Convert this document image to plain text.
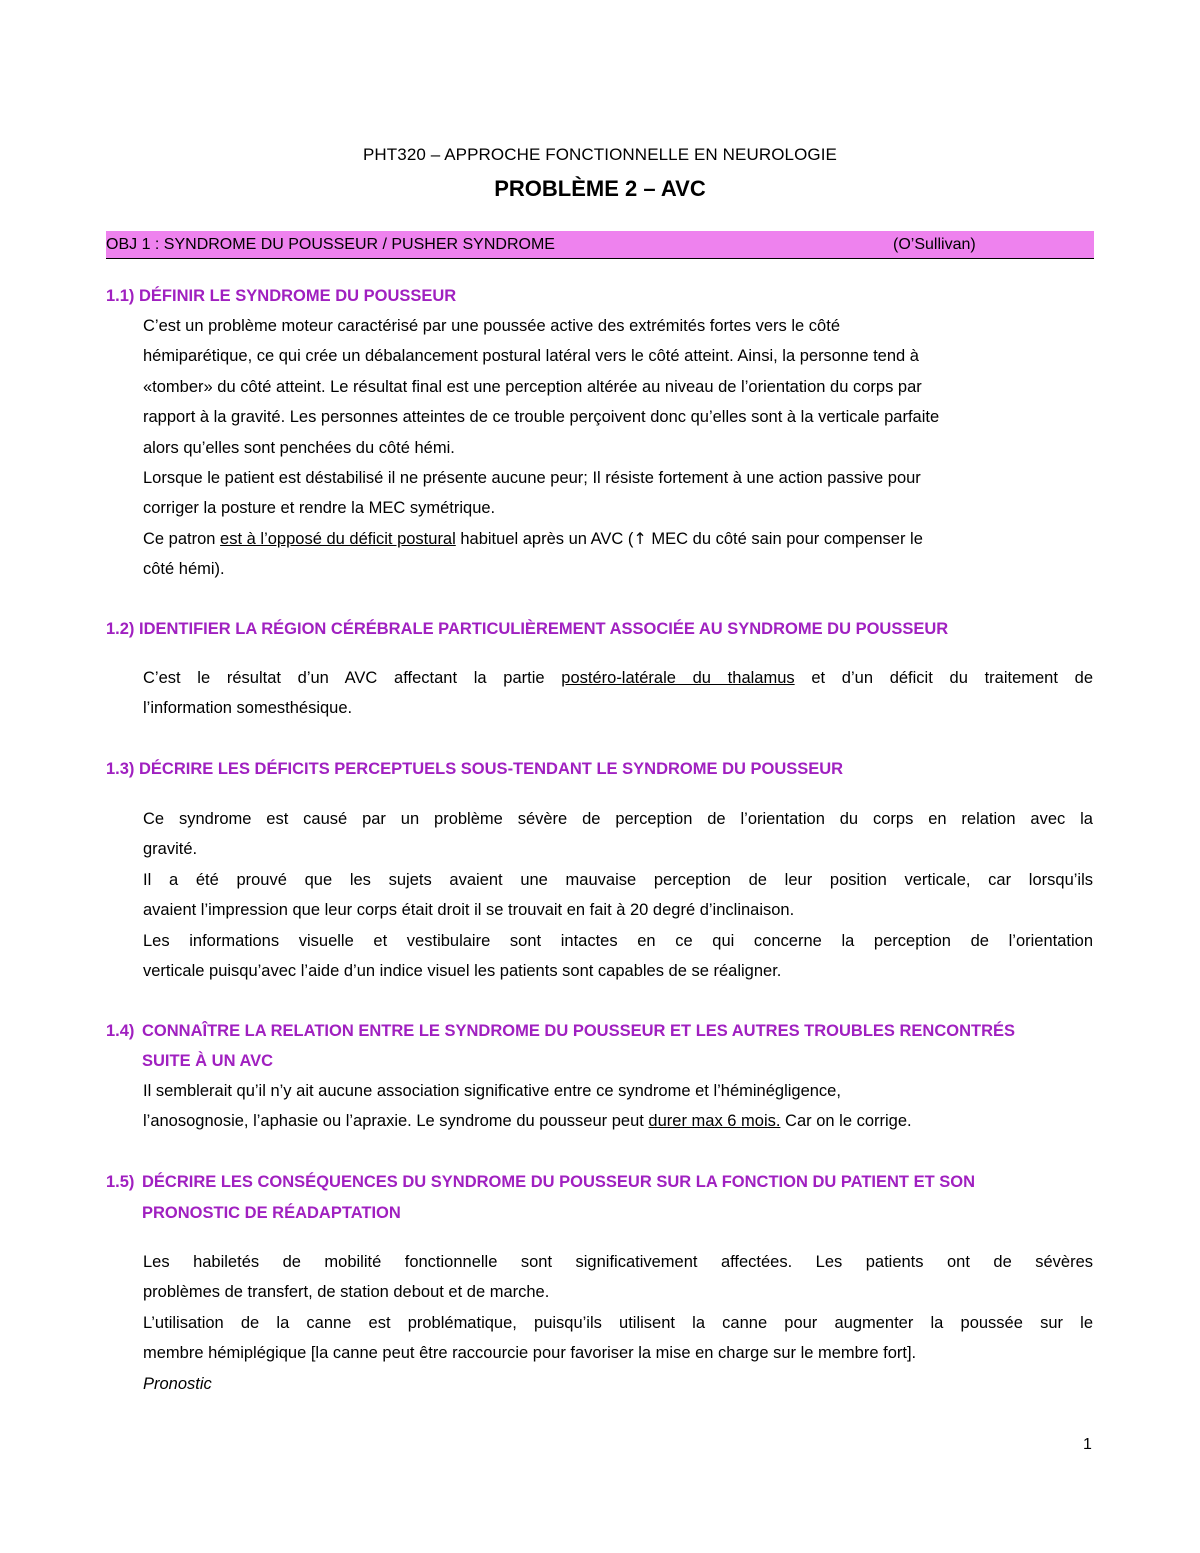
PHT320 – APPROCHE FONCTIONNELLE EN NEUROLOGIE
PROBLÈME 2 – AVC
OBJ 1 : SYNDROME DU POUSSEUR / PUSHER SYNDROME	(O’Sullivan)
1.1) DÉFINIR LE SYNDROME DU POUSSEUR
C’est un problème moteur caractérisé par une poussée active des extrémités fortes vers le côté
hémiparétique, ce qui crée un débalancement postural latéral vers le côté atteint. Ainsi, la personne tend à
«tomber» du côté atteint. Le résultat final est une perception altérée au niveau de l’orientation du corps par
rapport à la gravité. Les personnes atteintes de ce trouble perçoivent donc qu’elles sont à la verticale parfaite
alors qu’elles sont penchées du côté hémi.
Lorsque le patient est déstabilisé il ne présente aucune peur; Il résiste fortement à une action passive pour
corriger la posture et rendre la MEC symétrique.
Ce patron est à l’opposé du déficit postural habituel après un AVC (↑ MEC du côté sain pour compenser le
côté hémi).
1.2) IDENTIFIER LA RÉGION CÉRÉBRALE PARTICULIÈREMENT ASSOCIÉE AU SYNDROME DU POUSSEUR
C’est le résultat d’un AVC affectant la partie postéro-latérale du thalamus et d’un déficit du traitement de
l’information somesthésique.
1.3) DÉCRIRE LES DÉFICITS PERCEPTUELS SOUS-TENDANT LE SYNDROME DU POUSSEUR
Ce syndrome est causé par un problème sévère de perception de l’orientation du corps en relation avec la
gravité.
Il a été prouvé que les sujets avaient une mauvaise perception de leur position verticale, car lorsqu’ils
avaient l’impression que leur corps était droit il se trouvait en fait à 20 degré d’inclinaison.
Les informations visuelle et vestibulaire sont intactes en ce qui concerne la perception de l’orientation
verticale puisqu’avec l’aide d’un indice visuel les patients sont capables de se réaligner.
1.4) CONNAÎTRE LA RELATION ENTRE LE SYNDROME DU POUSSEUR ET LES AUTRES TROUBLES RENCONTRÉS
SUITE À UN AVC
Il semblerait qu’il n’y ait aucune association significative entre ce syndrome et l’héminégligence,
l’anosognosie, l’aphasie ou l’apraxie. Le syndrome du pousseur peut durer max 6 mois. Car on le corrige.
1.5) DÉCRIRE LES CONSÉQUENCES DU SYNDROME DU POUSSEUR SUR LA FONCTION DU PATIENT ET SON
PRONOSTIC DE RÉADAPTATION
Les habiletés de mobilité fonctionnelle sont significativement affectées. Les patients ont de sévères
problèmes de transfert, de station debout et de marche.
L’utilisation de la canne est problématique, puisqu’ils utilisent la canne pour augmenter la poussée sur le
membre hémiplégique [la canne peut être raccourcie pour favoriser la mise en charge sur le membre fort].
Pronostic
1
